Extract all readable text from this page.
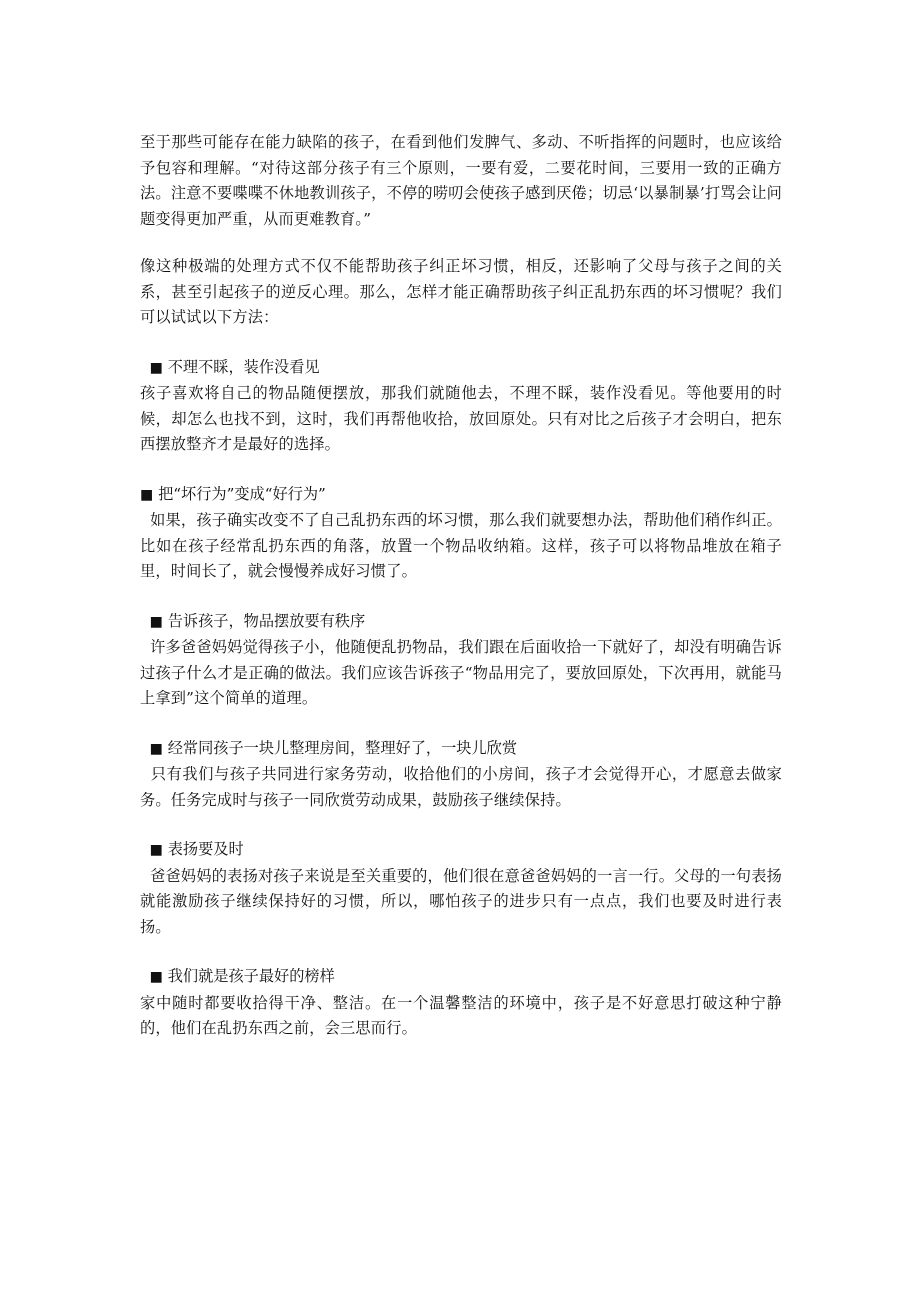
至于那些可能存在能力缺陷的孩子，在看到他们发脾气、多动、不听指挥的问题时，也应该给予包容和理解。“对待这部分孩子有三个原则，一要有爱，二要花时间，三要用一致的正确方法。注意不要喋喋不休地教训孩子，不停的唠叨会使孩子感到厌倦；切忌‘以暴制暴’打骂会让问题变得更加严重，从而更难教育。”

像这种极端的处理方式不仅不能帮助孩子纠正坏习惯，相反，还影响了父母与孩子之间的关系，甚至引起孩子的逆反心理。那么，怎样才能正确帮助孩子纠正乱扔东西的坏习惯呢？我们可以试试以下方法：

■ 不理不睬，装作没看见

孩子喜欢将自己的物品随便摆放，那我们就随他去，不理不睬，装作没看见。等他要用的时候，却怎么也找不到，这时，我们再帮他收拾，放回原处。只有对比之后孩子才会明白，把东西摆放整齐才是最好的选择。

■ 把“坏行为”变成“好行为”

如果，孩子确实改变不了自己乱扔东西的坏习惯，那么我们就要想办法，帮助他们稍作纠正。比如在孩子经常乱扔东西的角落，放置一个物品收纳箱。这样，孩子可以将物品堆放在箱子里，时间长了，就会慢慢养成好习惯了。

■ 告诉孩子，物品摆放要有秩序

许多爸爸妈妈觉得孩子小，他随便乱扔物品，我们跟在后面收拾一下就好了，却没有明确告诉过孩子什么才是正确的做法。我们应该告诉孩子“物品用完了，要放回原处，下次再用，就能马上拿到”这个简单的道理。

■ 经常同孩子一块儿整理房间，整理好了，一块儿欣赏

只有我们与孩子共同进行家务劳动，收拾他们的小房间，孩子才会觉得开心，才愿意去做家务。任务完成时与孩子一同欣赏劳动成果，鼓励孩子继续保持。

■ 表扬要及时

爸爸妈妈的表扬对孩子来说是至关重要的，他们很在意爸爸妈妈的一言一行。父母的一句表扬就能激励孩子继续保持好的习惯，所以，哪怕孩子的进步只有一点点，我们也要及时进行表扬。

■ 我们就是孩子最好的榜样

家中随时都要收拾得干净、整洁。在一个温馨整洁的环境中，孩子是不好意思打破这种宁静的，他们在乱扔东西之前，会三思而行。
